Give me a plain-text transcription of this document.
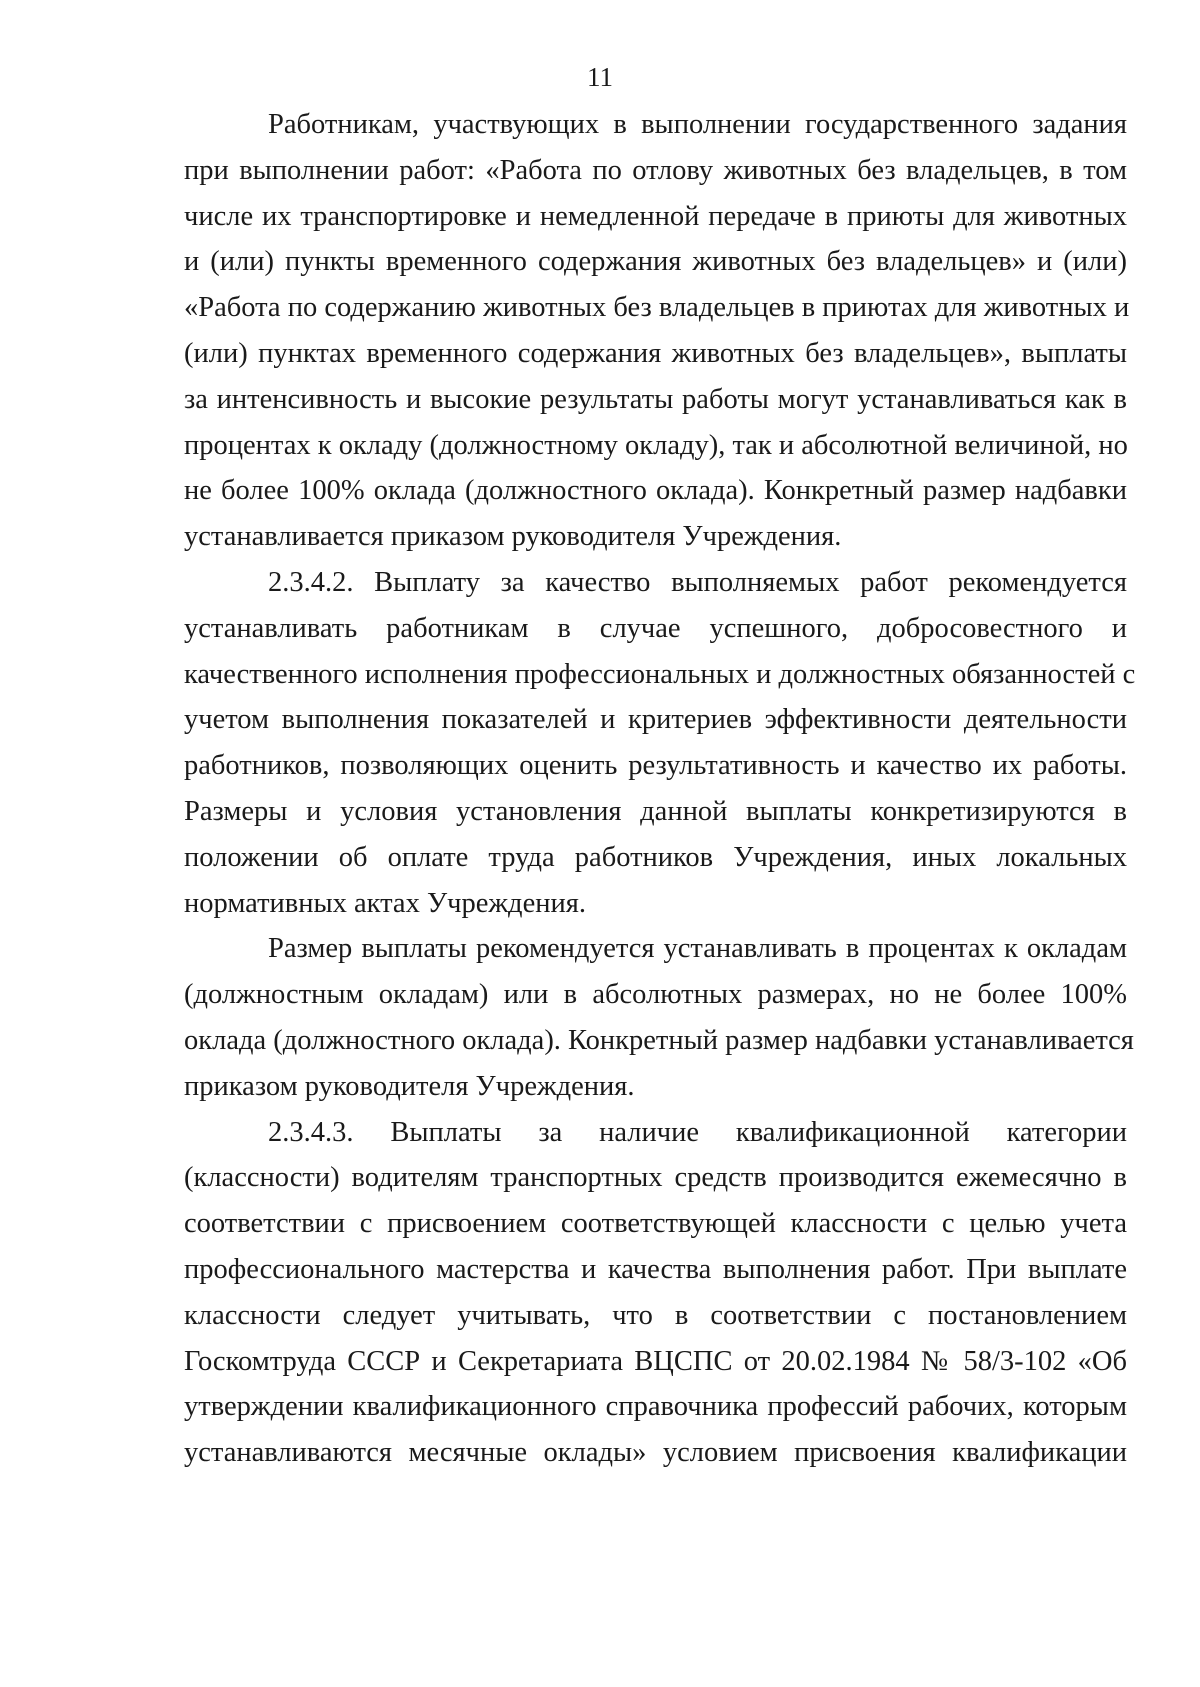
11
Работникам, участвующих в выполнении государственного задания
при выполнении работ: «Работа по отлову животных без владельцев, в том
числе их транспортировке и немедленной передаче в приюты для животных
и (или) пункты временного содержания животных без владельцев» и (или)
«Работа по содержанию животных без владельцев в приютах для животных и
(или) пунктах временного содержания животных без владельцев», выплаты
за интенсивность и высокие результаты работы могут устанавливаться как в
процентах к окладу (должностному окладу), так и абсолютной величиной, но
не более 100% оклада (должностного оклада). Конкретный размер надбавки
устанавливается приказом руководителя Учреждения.
2.3.4.2. Выплату за качество выполняемых работ рекомендуется
устанавливать работникам в случае успешного, добросовестного и
качественного исполнения профессиональных и должностных обязанностей с
учетом выполнения показателей и критериев эффективности деятельности
работников, позволяющих оценить результативность и качество их работы.
Размеры и условия установления данной выплаты конкретизируются в
положении об оплате труда работников Учреждения, иных локальных
нормативных актах Учреждения.
Размер выплаты рекомендуется устанавливать в процентах к окладам
(должностным окладам) или в абсолютных размерах, но не более 100%
оклада (должностного оклада). Конкретный размер надбавки устанавливается
приказом руководителя Учреждения.
2.3.4.3. Выплаты за наличие квалификационной категории
(классности) водителям транспортных средств производится ежемесячно в
соответствии с присвоением соответствующей классности с целью учета
профессионального мастерства и качества выполнения работ. При выплате
классности следует учитывать, что в соответствии с постановлением
Госкомтруда СССР и Секретариата ВЦСПС от 20.02.1984 № 58/3-102 «Об
утверждении квалификационного справочника профессий рабочих, которым
устанавливаются месячные оклады» условием присвоения квалификации
